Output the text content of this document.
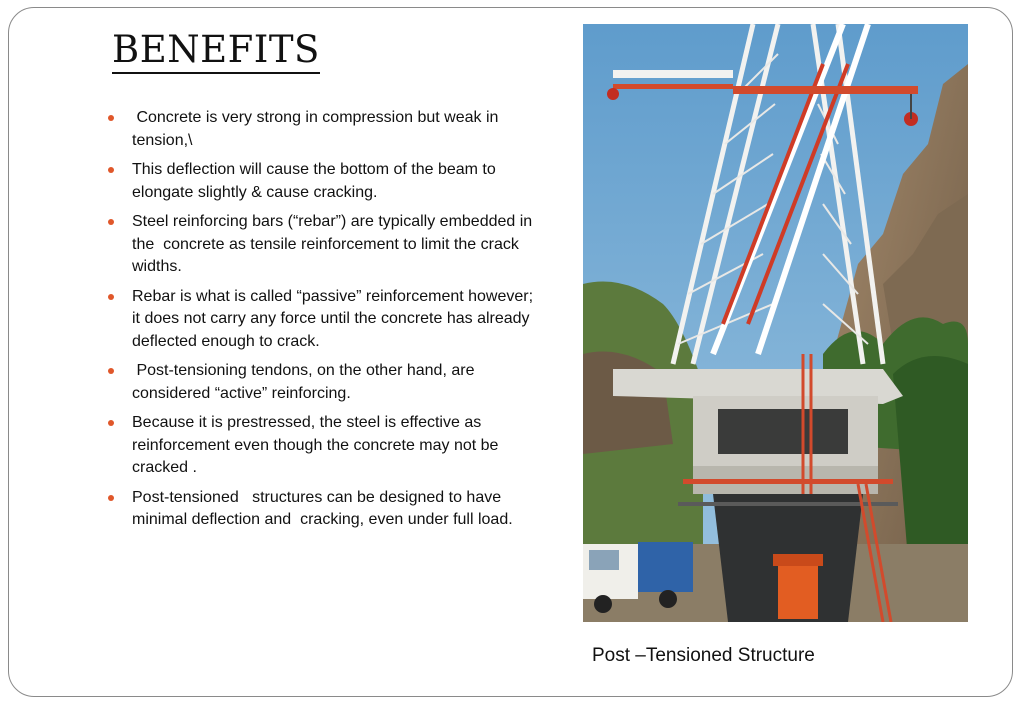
BENEFITS
Concrete is very strong in compression but weak in tension,\
This deflection will cause the bottom of the beam to elongate slightly & cause cracking.
Steel reinforcing bars (“rebar”) are typically embedded in the  concrete as tensile reinforcement to limit the crack widths.
Rebar is what is called “passive” reinforcement however; it does not carry any force until the concrete has already deflected enough to crack.
Post-tensioning tendons, on the other hand, are considered “active” reinforcing.
Because it is prestressed, the steel is effective as reinforcement even though the concrete may not be cracked .
Post-tensioned   structures can be designed to have minimal deflection and  cracking, even under full load.
Post –Tensioned Structure
